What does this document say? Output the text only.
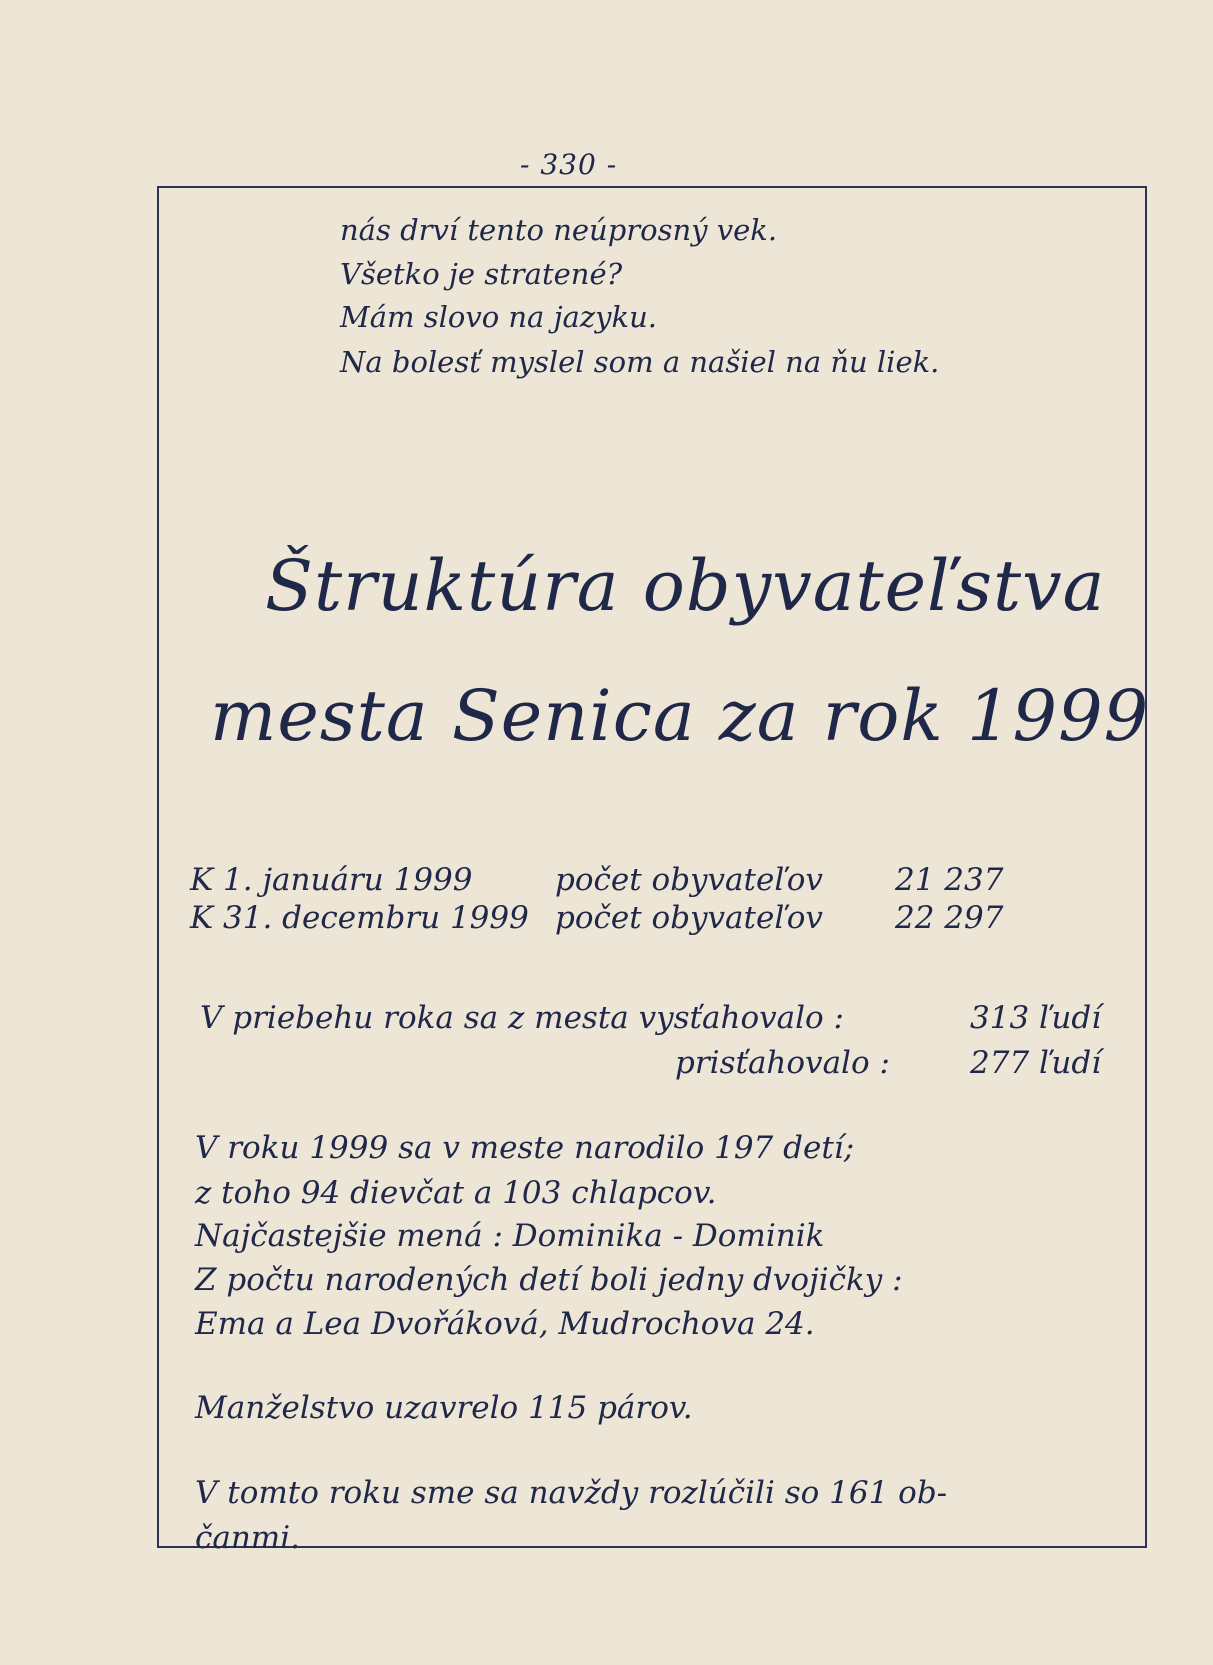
- 330 -
nás drví tento neúprosný vek.
Všetko je stratené?
Mám slovo na jazyku.
Na bolesť myslel som a našiel na ňu liek.
Štruktúra obyvateľstva
mesta Senica za rok 1999
K 1. januáru 1999	počet obyvateľov 21 237
K 31. decembru 1999 počet obyvateľov 22 297
V priebehu roka sa z mesta vysťahovalo :	313 ľudí
prisťahovalo :	277 ľudí
V roku 1999 sa v meste narodilo 197 detí;
z toho 94 dievčat a 103 chlapcov.
Najčastejšie mená : Dominika - Dominik
Z počtu narodených detí boli jedny dvojičky :
Ema a Lea Dvořáková, Mudrochova 24.
Manželstvo uzavrelo 115 párov.
V tomto roku sme sa navždy rozlúčili so 161 ob-
čanmi.
